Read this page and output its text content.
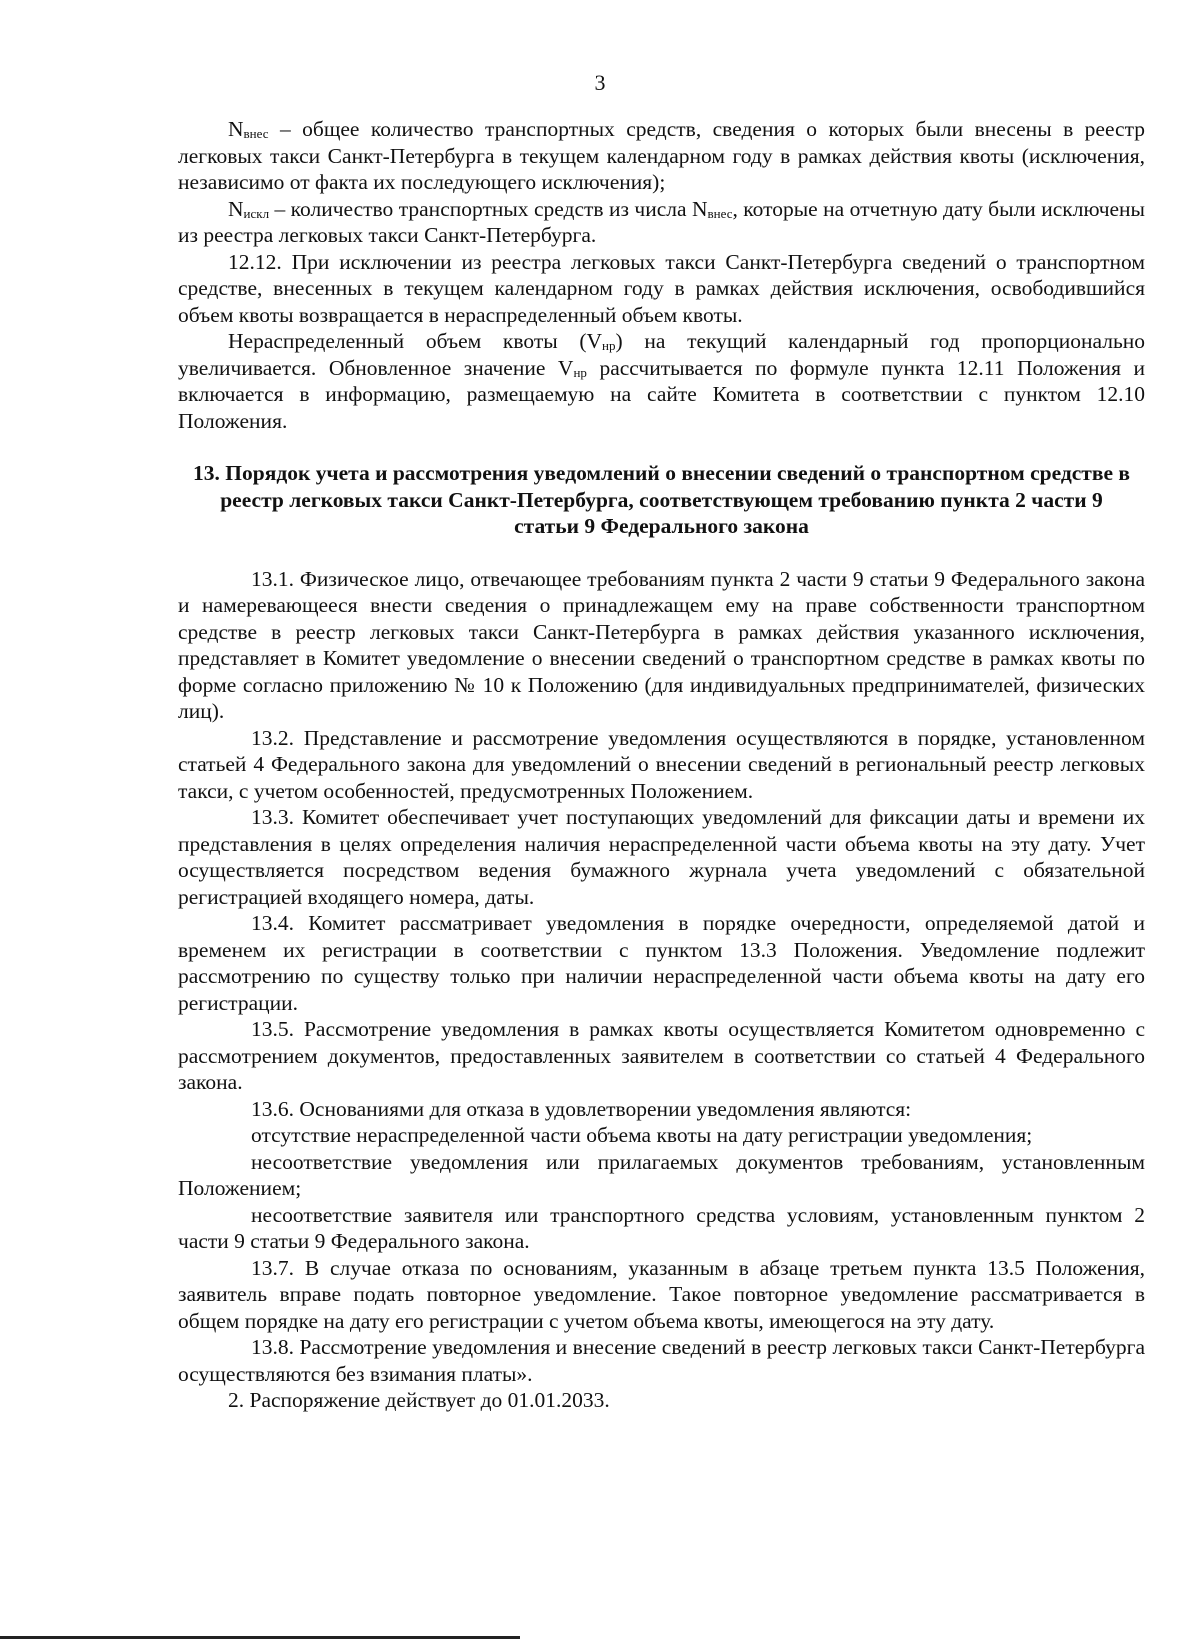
3

$N_{внес}$ – общее количество транспортных средств, сведения о которых были внесены в реестр легковых такси Санкт-Петербурга в текущем календарном году в рамках действия квоты (исключения, независимо от факта их последующего исключения);

$N_{искл}$ – количество транспортных средств из числа $N_{внес}$, которые на отчетную дату были исключены из реестра легковых такси Санкт-Петербурга.

12.12. При исключении из реестра легковых такси Санкт-Петербурга сведений о транспортном средстве, внесенных в текущем календарном году в рамках действия исключения, освободившийся объем квоты возвращается в нераспределенный объем квоты.

Нераспределенный объем квоты $(V_{нр})$ на текущий календарный год пропорционально увеличивается. Обновленное значение $V_{нр}$ рассчитывается по формуле пункта 12.11 Положения и включается в информацию, размещаемую на сайте Комитета в соответствии с пунктом 12.10 Положения.

13. Порядок учета и рассмотрения уведомлений о внесении сведений о транспортном средстве в реестр легковых такси Санкт-Петербурга, соответствующем требованию пункта 2 части 9 статьи 9 Федерального закона

13.1. Физическое лицо, отвечающее требованиям пункта 2 части 9 статьи 9 Федерального закона и намеревающееся внести сведения о принадлежащем ему на праве собственности транспортном средстве в реестр легковых такси Санкт-Петербурга в рамках действия указанного исключения, представляет в Комитет уведомление о внесении сведений о транспортном средстве в рамках квоты по форме согласно приложению № 10 к Положению (для индивидуальных предпринимателей, физических лиц).

13.2. Представление и рассмотрение уведомления осуществляются в порядке, установленном статьей 4 Федерального закона для уведомлений о внесении сведений в региональный реестр легковых такси, с учетом особенностей, предусмотренных Положением.

13.3. Комитет обеспечивает учет поступающих уведомлений для фиксации даты и времени их представления в целях определения наличия нераспределенной части объема квоты на эту дату. Учет осуществляется посредством ведения бумажного журнала учета уведомлений с обязательной регистрацией входящего номера, даты.

13.4. Комитет рассматривает уведомления в порядке очередности, определяемой датой и временем их регистрации в соответствии с пунктом 13.3 Положения. Уведомление подлежит рассмотрению по существу только при наличии нераспределенной части объема квоты на дату его регистрации.

13.5. Рассмотрение уведомления в рамках квоты осуществляется Комитетом одновременно с рассмотрением документов, предоставленных заявителем в соответствии со статьей 4 Федерального закона.

13.6. Основаниями для отказа в удовлетворении уведомления являются:

отсутствие нераспределенной части объема квоты на дату регистрации уведомления;

несоответствие уведомления или прилагаемых документов требованиям, установленным Положением;

несоответствие заявителя или транспортного средства условиям, установленным пунктом 2 части 9 статьи 9 Федерального закона.

13.7. В случае отказа по основаниям, указанным в абзаце третьем пункта 13.5 Положения, заявитель вправе подать повторное уведомление. Такое повторное уведомление рассматривается в общем порядке на дату его регистрации с учетом объема квоты, имеющегося на эту дату.

13.8. Рассмотрение уведомления и внесение сведений в реестр легковых такси Санкт-Петербурга осуществляются без взимания платы».

2. Распоряжение действует до 01.01.2033.
